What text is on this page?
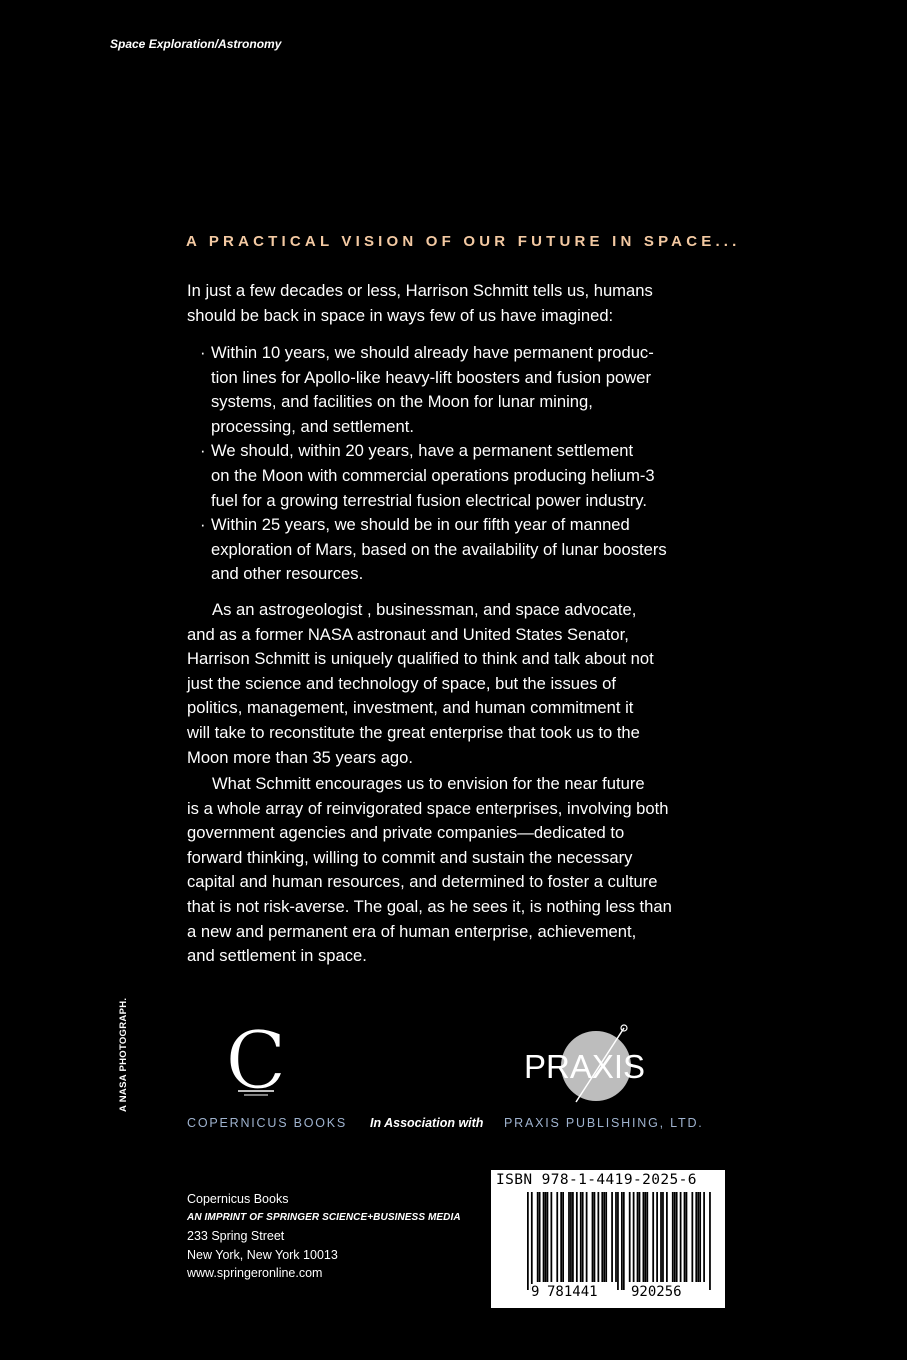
Space Exploration/Astronomy
A PRACTICAL VISION OF OUR FUTURE IN SPACE...
In just a few decades or less, Harrison Schmitt tells us, humans
should be back in space in ways few of us have imagined:
· Within 10 years, we should already have permanent produc-
tion lines for Apollo-like heavy-lift boosters and fusion power
systems, and facilities on the Moon for lunar mining,
processing, and settlement.
· We should, within 20 years, have a permanent settlement
on the Moon with commercial operations producing helium-3
fuel for a growing terrestrial fusion electrical power industry.
· Within 25 years, we should be in our fifth year of manned
exploration of Mars, based on the availability of lunar boosters
and other resources.
As an astrogeologist , businessman, and space advocate,
and as a former NASA astronaut and United States Senator,
Harrison Schmitt is uniquely qualified to think and talk about not
just the science and technology of space, but the issues of
politics, management, investment, and human commitment it
will take to reconstitute the great enterprise that took us to the
Moon more than 35 years ago.
What Schmitt encourages us to envision for the near future
is a whole array of reinvigorated space enterprises, involving both
government agencies and private companies—dedicated to
forward thinking, willing to commit and sustain the necessary
capital and human resources, and determined to foster a culture
that is not risk-averse. The goal, as he sees it, is nothing less than
a new and permanent era of human enterprise, achievement,
and settlement in space.
A NASA PHOTOGRAPH. C	PRAXIS
COPERNICUS BOOKS In Association with PRAXIS PUBLISHING, LTD.
Copernicus Books
AN IMPRINT OF SPRINGER SCIENCE+BUSINESS MEDIA
233 Spring Street
New York, New York 10013
www.springeronline.com
ISBN 978-1-4419-2025-6
9 781441 920256
